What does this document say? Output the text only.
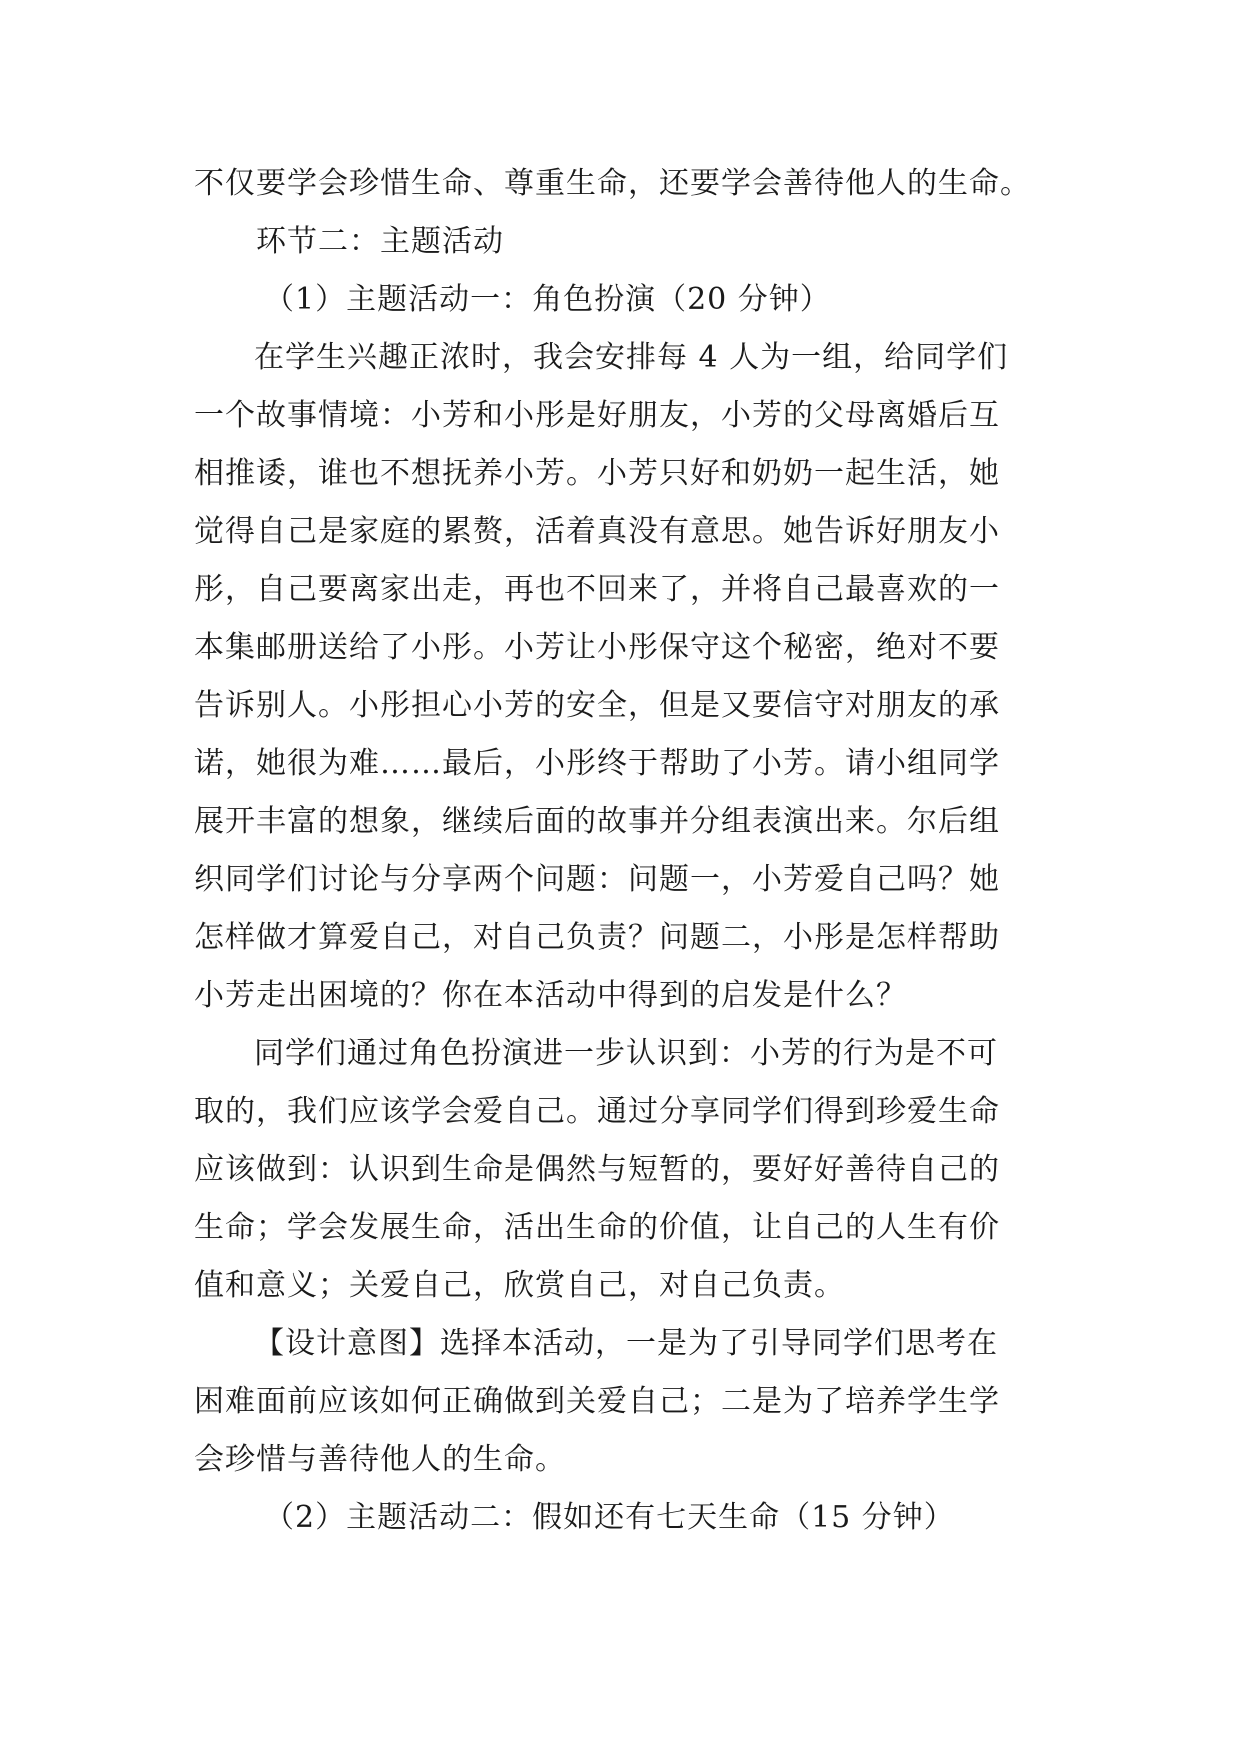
不仅要学会珍惜生命、尊重生命，还要学会善待他人的生命。
环节二：主题活动
（1）主题活动一：角色扮演（20 分钟）
在学生兴趣正浓时，我会安排每 4 人为一组，给同学们
一个故事情境：小芳和小彤是好朋友，小芳的父母离婚后互
相推诿，谁也不想抚养小芳。小芳只好和奶奶一起生活，她
觉得自己是家庭的累赘，活着真没有意思。她告诉好朋友小
彤，自己要离家出走，再也不回来了，并将自己最喜欢的一
本集邮册送给了小彤。小芳让小彤保守这个秘密，绝对不要
告诉别人。小彤担心小芳的安全，但是又要信守对朋友的承
诺，她很为难……最后，小彤终于帮助了小芳。请小组同学
展开丰富的想象，继续后面的故事并分组表演出来。尔后组
织同学们讨论与分享两个问题：问题一，小芳爱自己吗？她
怎样做才算爱自己，对自己负责？问题二，小彤是怎样帮助
小芳走出困境的？你在本活动中得到的启发是什么？
同学们通过角色扮演进一步认识到：小芳的行为是不可
取的，我们应该学会爱自己。通过分享同学们得到珍爱生命
应该做到：认识到生命是偶然与短暂的，要好好善待自己的
生命；学会发展生命，活出生命的价值，让自己的人生有价
值和意义；关爱自己，欣赏自己，对自己负责。
【设计意图】选择本活动，一是为了引导同学们思考在
困难面前应该如何正确做到关爱自己；二是为了培养学生学
会珍惜与善待他人的生命。
（2）主题活动二：假如还有七天生命（15 分钟）
